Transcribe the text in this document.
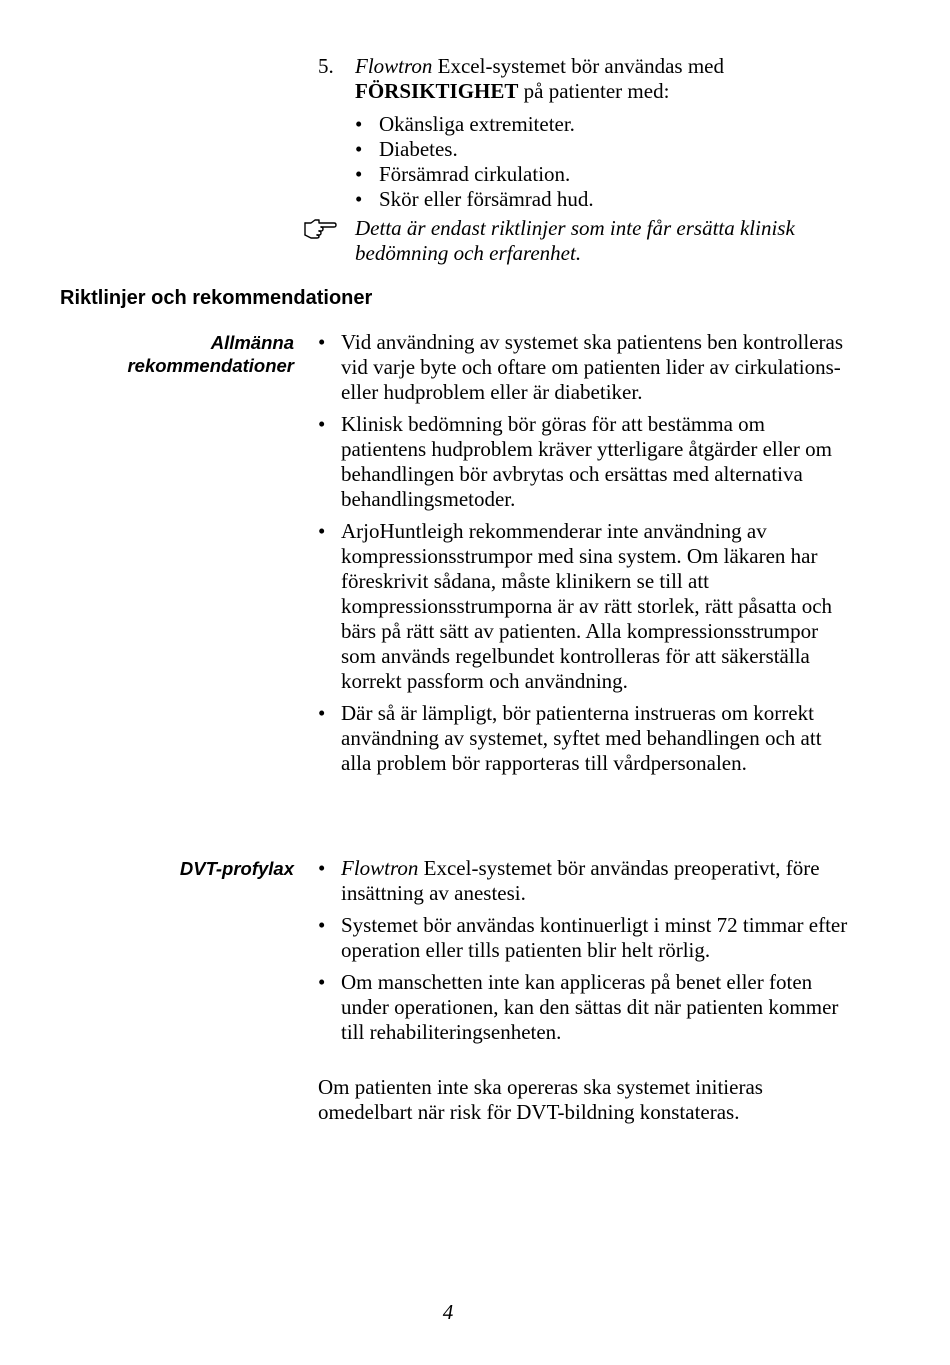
5. Flowtron Excel-systemet bör användas med FÖRSIKTIGHET på patienter med:
• Okänsliga extremiteter.
• Diabetes.
• Försämrad cirkulation.
• Skör eller försämrad hud.
Detta är endast riktlinjer som inte får ersätta klinisk bedömning och erfarenhet.
Riktlinjer och rekommendationer
Allmänna
rekommendationer
• Vid användning av systemet ska patientens ben kontrolleras vid varje byte och oftare om patienten lider av cirkulations- eller hudproblem eller är diabetiker.
• Klinisk bedömning bör göras för att bestämma om patientens hudproblem kräver ytterligare åtgärder eller om behandlingen bör avbrytas och ersättas med alternativa behandlingsmetoder.
• ArjoHuntleigh rekommenderar inte användning av kompressionsstrumpor med sina system. Om läkaren har föreskrivit sådana, måste klinikern se till att kompressionsstrumporna är av rätt storlek, rätt påsatta och bärs på rätt sätt av patienten. Alla kompressionsstrumpor som används regelbundet kontrolleras för att säkerställa korrekt passform och användning.
• Där så är lämpligt, bör patienterna instrueras om korrekt användning av systemet, syftet med behandlingen och att alla problem bör rapporteras till vårdpersonalen.
DVT-profylax • Flowtron Excel-systemet bör användas preoperativt, före insättning av anestesi.
• Systemet bör användas kontinuerligt i minst 72 timmar efter operation eller tills patienten blir helt rörlig.
• Om manschetten inte kan appliceras på benet eller foten under operationen, kan den sättas dit när patienten kommer till rehabiliteringsenheten.

Om patienten inte ska opereras ska systemet initieras omedelbart när risk för DVT-bildning konstateras.

4
